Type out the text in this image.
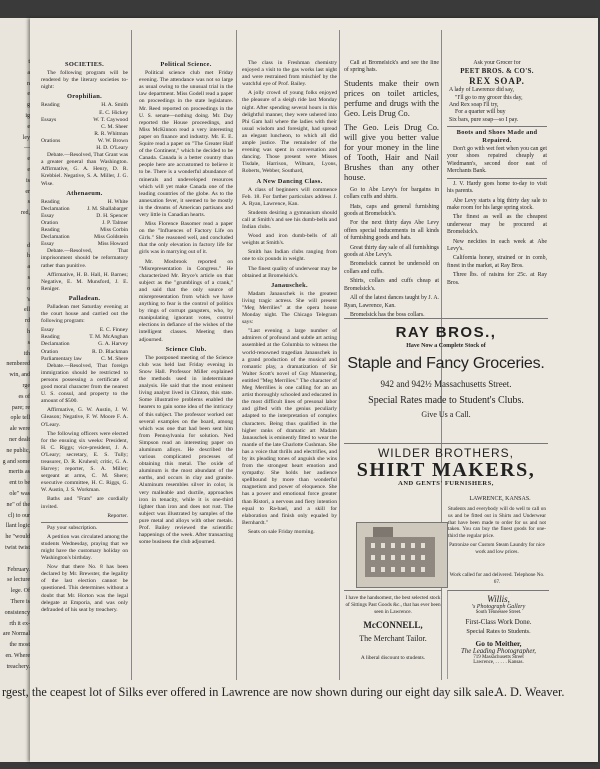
a
n
e
g
ig
e
ley
—
e
e
is
er
s
red,
d
h
a
s
o
's
ell
rd
h
s
ith
nembered
win, and
rge
es of
pare; re
ople tell
ale were
ner dealt
ne public,
g and some
merits as
ent to be
ole" was
ne" of the
cl) to our
llant logic
he "would
twist twist
February.
se lecture
lege. Of
There is
onsistency
rth it ex-
are Normal
the most
en. Where
treachery.
SOCIETIES.

The following program will be rendered by the literary societies to-night:

Orophilian.
Reading	H. A. Smith
E. C. Hickey
Essays	W. T. Caywood
C. M. Sheer
R. R. Whitman
Orations	W. W. Brown
H. D. O'Leary

Debate.—Resolved, That Grant was a greater general than Washington. Affirmative, G. A. Henry, D. R. Krebbiel. Negative, S. A. Miller, J. G. Wise.

Athenaeum.
Reading	H. White
Declamation	J. M. Shallabarger
Essay	D. H. Spencer
Oration	J. P. Talmer
Reading	Miss Corbin
Declamation	Miss Goldstein
Essay	Miss Howard

Debate.—Resolved, That imprisonment should be reformatory rather than punitive.

Affirmative, H. B. Hall, H. Barnes; Negative, E. M. Munsford, J. E. Reniger.

Palladean.

Palladean met Saturday evening at the court house and carried out the following program:

Essay	E. C. Finney
Reading	T. M. McAnghan
Declamation	G. A. Harvey
Oration	R. D. Blackman
Parliamentary law	C. M. Shere

Debate.—Resolved, That foreign immigration should be restricted to persons possessing a certificate of good moral character from the nearest U. S. consul, and property to the amount of $500.

Affirmative, G. W. Austin, J. W. Gleason; Negative, F. W. Moore F. A. O'Leary.

The following officers were elected for the ensuing six weeks: President, H. C. Riggs; vice-president, J. A. O'Leary; secretary, E. S. Tully; treasurer, D. R. Kruhenl; critic, G. A. Harvey; reporter, S. A. Miller; sergeant at arms, C. M. Shere; executive committee, H. C. Riggs, G. W. Austin, J. S. Workman.

Baths and "Frats" are cordially invited.

Reporter.

Pay your subscription.

A petition was circulated among the students Wednesday, praying that we might have the customary holiday on Washington's birthday.

Now that there No. 8 has been declared by Mr. Brewster, the legality of the last election cannot be questioned. This determines without a doubt that Mr. Horton was the legal delegate at Emporia, and was only defrauded of his seat by treachery.

Political Science.

Political science club met Friday evening. The attendance was not so large as usual owing to the unusual trial in the law department. Miss Godell read a paper on proceedings in the state legislature. Mr. Reed reported on proceedings in the U. S. senate—nothing doing. Mr. Day reported the House proceedings, and Miss McKinnon read a very interesting paper on finance and industry. Mr. E. E. Squire read a paper on "The Greater Half of the Continent," which he decided to be Canada. Canada is a better country than people here are accustomed to believe it to be. There is a wonderful abundance of minerals and undeveloped resources which will yet make Canada one of the leading countries of the globe. As to the annexation fever, it seemed to be mostly in the dreams of American partisans and very little in Canadian hearts.

Miss Florence Basomer read a paper on the "Influences of Factory Life on Girls." She reasoned well, and concluded that the only elevation in factory life for girls was in marrying out of it.

Mr. Mosbrook reported on "Misrepresentation in Congress." He characterized Mr. Bryce's article on that subject as the "grumblings of a crank," and said that the only source of misrepresentation from which we have anything to fear is the control of politics by rings of corrupt gangsters, who, by manipulating ignorant votes, control elections in defiance of the wishes of the intelligent classes. Meeting then adjourned.

Science Club.

The postponed meeting of the Science club was held last Friday evening in Snow Hall. Professor Miller explained the methods used in indeterminate analysis. He said that the most eminent living analyst lived in Clinton, this state. Some illustrative problems enabled the hearers to gain some idea of the intricacy of this subject. The professor worked out several examples on the board, among which was one that had been sent him from Pennsylvania for solution. Ned Simpson read an interesting paper on aluminum alloys. He described the various complicated processes of obtaining this metal. The oxide of aluminum is the most abundant of the earths, and occurs in clay and granite. Aluminum resembles silver in color, is very malleable and ductile, approaches iron in tenacity, while it is one-third lighter than iron and does not rust. The subject was illustrated by samples of the pure metal and alloys with other metals. Prof. Bailey reviewed the scientific happenings of the week. After transacting some business the club adjourned.

The class in Freshman chemistry enjoyed a visit to the gas works last night and were restrained from mischief by the watchful eye of Prof. Bailey.

A jolly crowd of young folks enjoyed the pleasure of a sleigh ride last Monday night. After spending several hours in this delightful manner, they were ushered into Phi Gam hall where the ladies with their usual wisdom and foresight, had spread an elegant luncheon, to which all did ample justice. The remainder of the evening was spent in conversation and dancing. Those present were Misses Tisdale, Harrison, Wiltsam, Lyons, Roberts, Webber, Southard,

A New Dancing Class.

A class of beginners will commence Feb. 18. For farther particulars address J. A. Ryan, Lawrence, Kan.

Students desiring a gymnasium should call at Smith's and see his dumb-bells and Indian clubs.

Wood and iron dumb-bells of all weights at Smith's.

Smith has Indian clubs ranging from one to six pounds in weight.

The finest quality of underwear may be obtained at Bromelsick's.

Janauschek.

Madam Janauschek is the greatest living tragic actress. She will present "Meg Merrilies" at the opera house Monday night. The Chicago Telegram says:

"Last evening a large number of admirers of profound and subtle art acting assembled at the Columbia to witness the world-renowned tragedian Janauschek in a grand production of the musical and romantic play, a dramatization of Sir Walter Scott's novel of Guy Mannering, entitled "Meg Merrilies." The character of Meg Merrilies is one calling for an an artist thoroughly schooled and educated in the most difficult lines of presonal labor and gifted with the genius peculiarly adapted to the interpretation of complex characters. Being thus qualified in the higher ranks of dramatic art Madam Janauschek is eminently fitted to wear the mantle of the late Charlotte Cushman. She has a voice that thrills and electrifies, and by its pleading tones of anguish she wins from the strongest heart emotion and sympathy. She holds her audience spellbound by more than wonderful magnetism and power of eloquence. She has a power and emotional force greater than Ristori, a nervous and fiery intention equal to Ra-bael, and a skill for elaboration and finish only equaled by Bernhardt."

Seats on sale Friday morning.

Call at Bromelsick's and see the line of spring hats.

Students make their own prices on toilet articles, perfume and drugs with the Geo. Leis Drug Co.

The Geo. Leis Drug Co. will give you better value for your money in the line of Tooth, Hair and Nail Brushes than any other house.

Go to Abe Levy's for bargains in collars cuffs and shirts.

Hats, caps and general furnishing goods at Bromelsick's.

For the next thirty days Abe Levy offers special inducements in all kinds of furnishing goods and hats.

Great thirty day sale of all furnishings goods at Abe Levy's.

Bromelsick cannot be undersold on collars and cuffs.

Shirts, collars and cuffs cheap at Bromelsick's.

All of the latest dances taught by J. A. Ryan, Lawrence, Kan.

Bromelsick has the boss collars.

Ask your Grocer for
PEET BROS. & CO'S.
REX SOAP.
A lady of Lawrence did say,
"I'll go to my grocer this day,
And Rex soap I'll try,
For a quarter will buy
Six bars, pure soap—so I pay.
Boots and Shoes Made and Repaired.

Don't go with wet feet when you can get your shoes repaired cheaply at Wiedmann's, second door east of Merchants Bank.

J. V. Hardy goes home to-day to visit his parents.

Abe Levy starts a big thirty day sale to make room for his large spring stock.

The finest as well as the cheapest underwear may be procured at Bromelsick's.

New neckties in each week at Abe Levy's.

California honey, strained or in comb, finest in the market, at Ray Bros.

Three lbs. of raisins for 25c. at Ray Bros.

RAY BROS.,
Have Now a Complete Stock of
Staple and Fancy Groceries.
942 and 942½ Massachusetts Street.
Special Rates made to Student's Clubs.
Give Us a Call.
WILDER BROTHERS,
SHIRT MAKERS,
AND GENTS' FURNISHERS,
LAWRENCE, KANSAS.
Students and everybody will do well to call on us and be fitted out in Shirts and Underwear that have been made to order for us and not taken. You can buy the finest goods for one-third the regular price.
Patronize our Custom Steam Laundry for nice work and low prices.
Work called for and delivered. Telephone No. 67.
I have the handsomest, the best selected stock of Sittings Past Goods &c., that has ever been seen in Lawrence.
McCONNELL,
The Merchant Tailor.
A liberal discount to students.
Willis,
's Photograph Gallery
South Tennessee Street.
First-Class Work Done.
Special Rates to Students.
Go to Meither,
The Leading Photographer,
719 Massachusetts Street
Lawrence, . . . . . Kansas.
rgest, the ceapest lot of Silks ever offered in Lawrence are now shown during our eight day silk sale.
A. D. Weaver.
